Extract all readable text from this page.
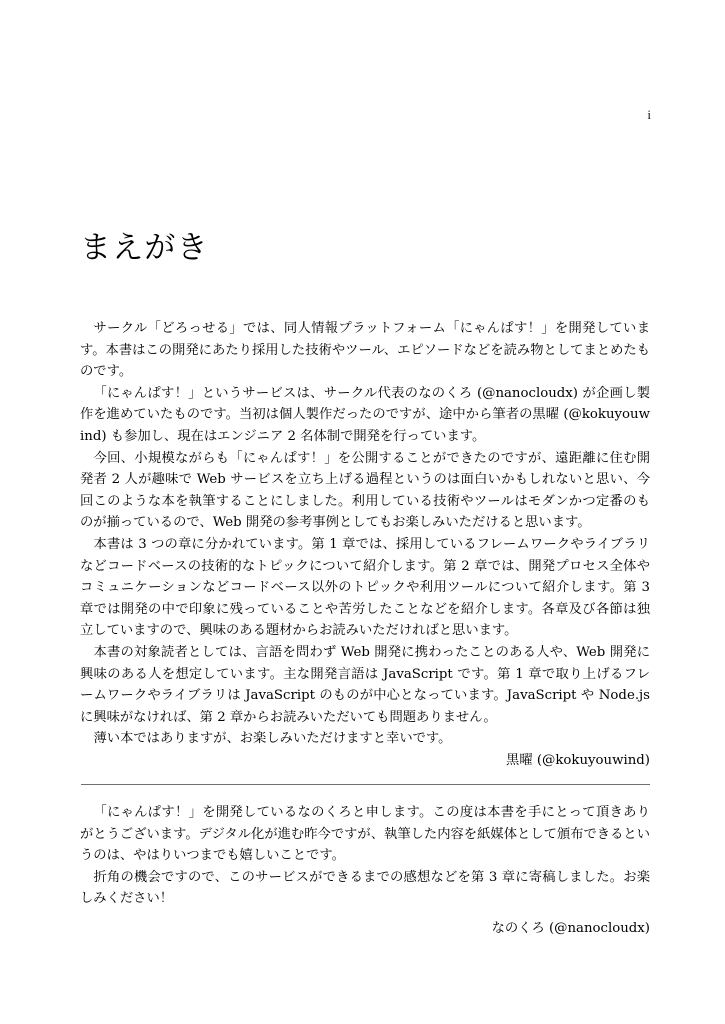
i
まえがき

サークル「どろっせる」では、同人情報プラットフォーム「にゃんぱす！」を開発しています。本書はこの開発にあたり採用した技術やツール、エピソードなどを読み物としてまとめたものです。

「にゃんぱす！」というサービスは、サークル代表のなのくろ (@nanocloudx) が企画し製作を進めていたものです。当初は個人製作だったのですが、途中から筆者の黒曜 (@kokuyouwind) も参加し、現在はエンジニア 2 名体制で開発を行っています。

今回、小規模ながらも「にゃんぱす！」を公開することができたのですが、遠距離に住む開発者 2 人が趣味で Web サービスを立ち上げる過程というのは面白いかもしれないと思い、今回このような本を執筆することにしました。利用している技術やツールはモダンかつ定番のものが揃っているので、Web 開発の参考事例としてもお楽しみいただけると思います。

本書は 3 つの章に分かれています。第 1 章では、採用しているフレームワークやライブラリなどコードベースの技術的なトピックについて紹介します。第 2 章では、開発プロセス全体やコミュニケーションなどコードベース以外のトピックや利用ツールについて紹介します。第 3 章では開発の中で印象に残っていることや苦労したことなどを紹介します。各章及び各節は独立していますので、興味のある題材からお読みいただければと思います。

本書の対象読者としては、言語を問わず Web 開発に携わったことのある人や、Web 開発に興味のある人を想定しています。主な開発言語は JavaScript です。第 1 章で取り上げるフレームワークやライブラリは JavaScript のものが中心となっています。JavaScript や Node.js に興味がなければ、第 2 章からお読みいただいても問題ありません。

薄い本ではありますが、お楽しみいただけますと幸いです。

黒曜 (@kokuyouwind)

「にゃんぱす！」を開発しているなのくろと申します。この度は本書を手にとって頂きありがとうございます。デジタル化が進む昨今ですが、執筆した内容を紙媒体として頒布できるというのは、やはりいつまでも嬉しいことです。

折角の機会ですので、このサービスができるまでの感想などを第 3 章に寄稿しました。お楽しみください！

なのくろ (@nanocloudx)
